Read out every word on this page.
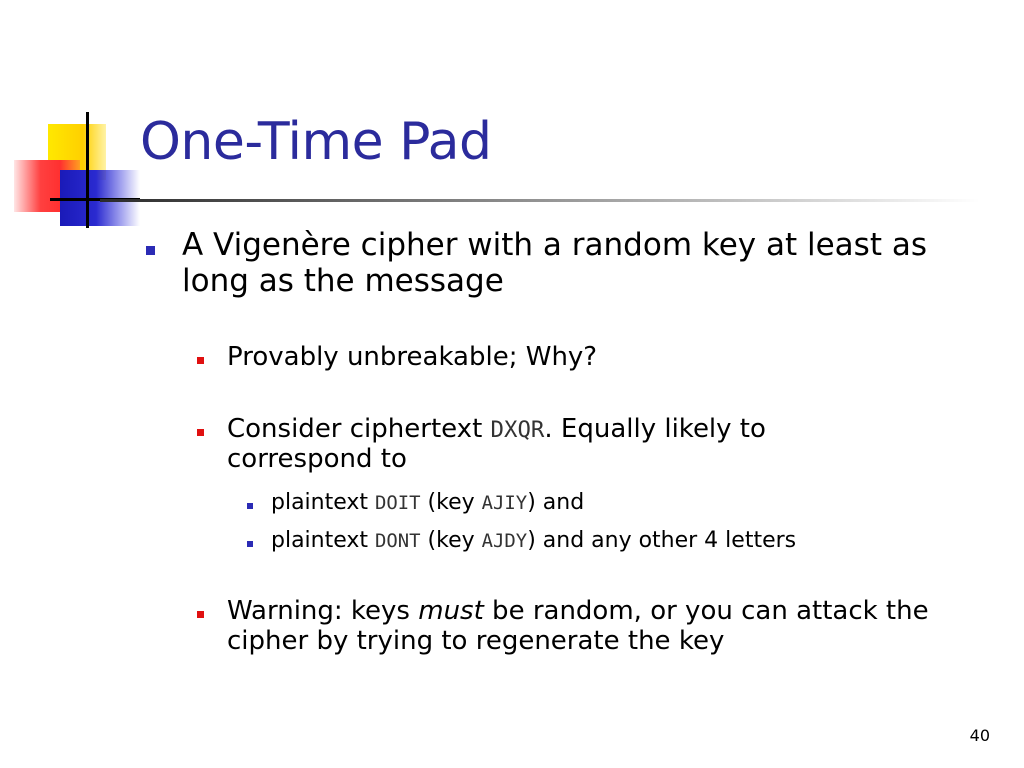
One-Time Pad
A Vigenère cipher with a random key at least as long as the message
Provably unbreakable; Why?
Consider ciphertext DXQR. Equally likely to correspond to
plaintext DOIT (key AJIY) and
plaintext DONT (key AJDY) and any other 4 letters
Warning: keys must be random, or you can attack the cipher by trying to regenerate the key
40
